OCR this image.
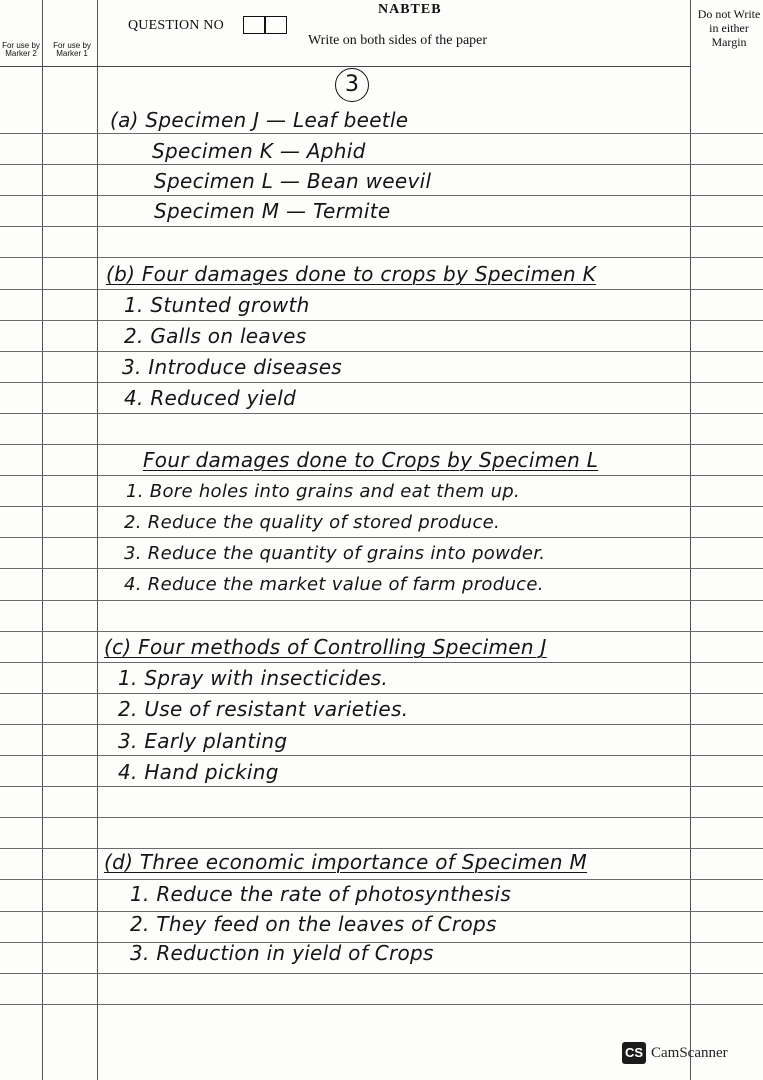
NABTEB
QUESTION NO
Write on both sides of the paper
Do not Write in either Margin
For use by Marker 2
For use by Marker 1
3
(a) Specimen J — Leaf beetle
Specimen K — Aphid
Specimen L — Bean weevil
Specimen M — Termite
(b) Four damages done to crops by Specimen K
1. Stunted growth
2. Galls on leaves
3. Introduce diseases
4. Reduced yield
Four damages done to Crops by Specimen L
1. Bore holes into grains and eat them up.
2. Reduce the quality of stored produce.
3. Reduce the quantity of grains into powder.
4. Reduce the market value of farm produce.
(c) Four methods of Controlling Specimen J
1. Spray with insecticides.
2. Use of resistant varieties.
3. Early planting
4. Hand picking
(d) Three economic importance of Specimen M
1. Reduce the rate of photosynthesis
2. They feed on the leaves of Crops
3. Reduction in yield of Crops
CS CamScanner
